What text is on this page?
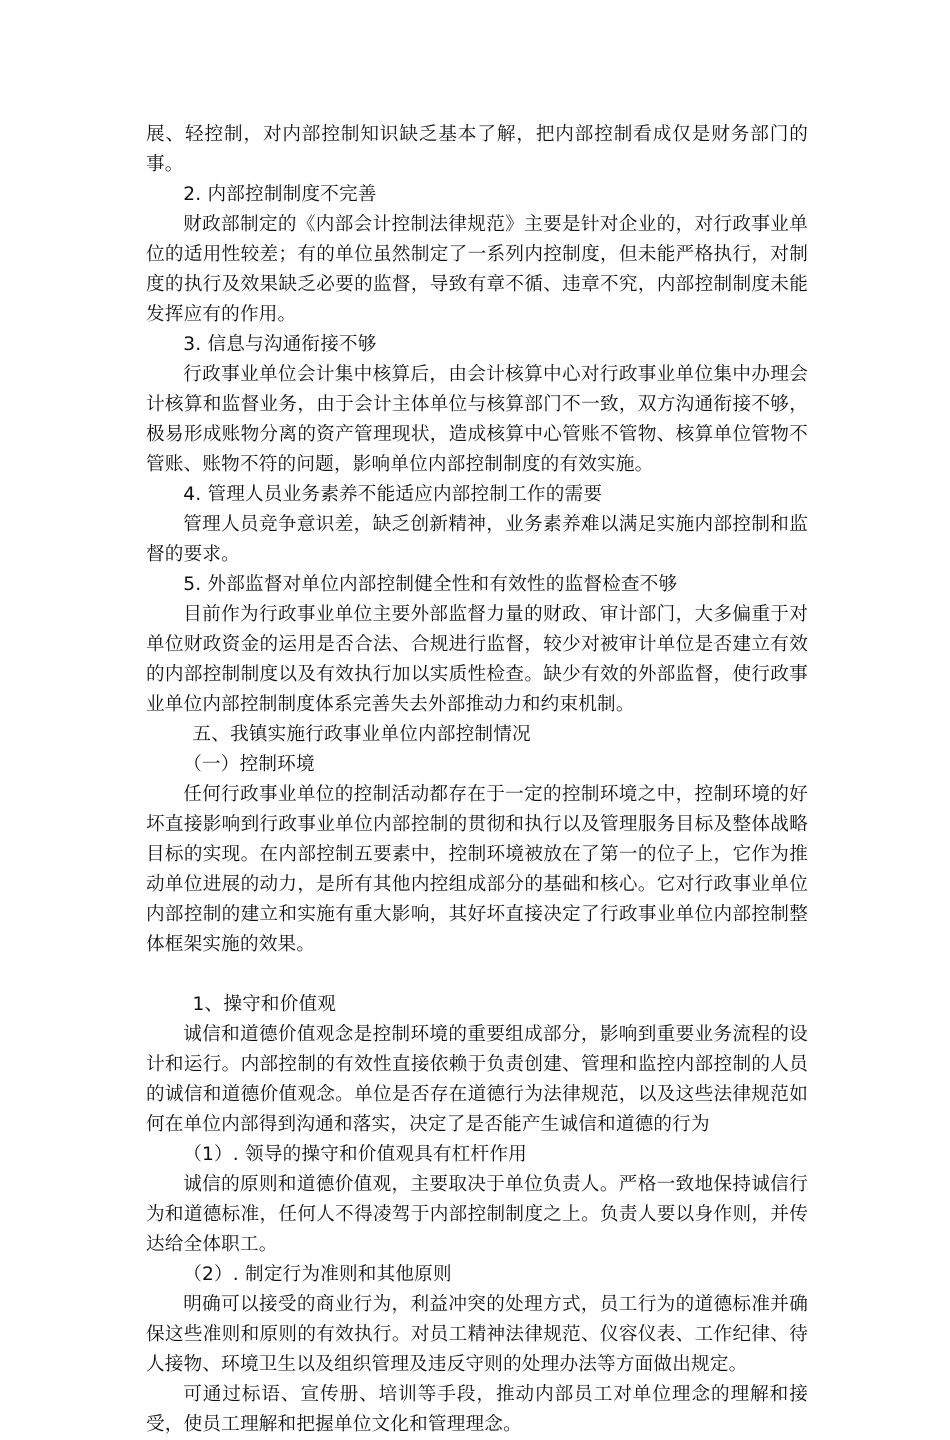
展、轻控制，对内部控制知识缺乏基本了解，把内部控制看成仅是财务部门的事。

2. 内部控制制度不完善

财政部制定的《内部会计控制法律规范》主要是针对企业的，对行政事业单位的适用性较差；有的单位虽然制定了一系列内控制度，但未能严格执行，对制度的执行及效果缺乏必要的监督，导致有章不循、违章不究，内部控制制度未能发挥应有的作用。

3. 信息与沟通衔接不够

行政事业单位会计集中核算后，由会计核算中心对行政事业单位集中办理会计核算和监督业务，由于会计主体单位与核算部门不一致，双方沟通衔接不够，极易形成账物分离的资产管理现状，造成核算中心管账不管物、核算单位管物不管账、账物不符的问题，影响单位内部控制制度的有效实施。

4. 管理人员业务素养不能适应内部控制工作的需要

管理人员竞争意识差，缺乏创新精神，业务素养难以满足实施内部控制和监督的要求。

5. 外部监督对单位内部控制健全性和有效性的监督检查不够

目前作为行政事业单位主要外部监督力量的财政、审计部门，大多偏重于对单位财政资金的运用是否合法、合规进行监督，较少对被审计单位是否建立有效的内部控制制度以及有效执行加以实质性检查。缺少有效的外部监督，使行政事业单位内部控制制度体系完善失去外部推动力和约束机制。

五、我镇实施行政事业单位内部控制情况

（一）控制环境

任何行政事业单位的控制活动都存在于一定的控制环境之中，控制环境的好坏直接影响到行政事业单位内部控制的贯彻和执行以及管理服务目标及整体战略目标的实现。在内部控制五要素中，控制环境被放在了第一的位子上，它作为推动单位进展的动力，是所有其他内控组成部分的基础和核心。它对行政事业单位内部控制的建立和实施有重大影响，其好坏直接决定了行政事业单位内部控制整体框架实施的效果。

1、操守和价值观

诚信和道德价值观念是控制环境的重要组成部分，影响到重要业务流程的设计和运行。内部控制的有效性直接依赖于负责创建、管理和监控内部控制的人员的诚信和道德价值观念。单位是否存在道德行为法律规范，以及这些法律规范如何在单位内部得到沟通和落实，决定了是否能产生诚信和道德的行为

（1）. 领导的操守和价值观具有杠杆作用

诚信的原则和道德价值观，主要取决于单位负责人。严格一致地保持诚信行为和道德标准，任何人不得凌驾于内部控制制度之上。负责人要以身作则，并传达给全体职工。

（2）. 制定行为准则和其他原则

明确可以接受的商业行为，利益冲突的处理方式，员工行为的道德标准并确保这些准则和原则的有效执行。对员工精神法律规范、仪容仪表、工作纪律、待人接物、环境卫生以及组织管理及违反守则的处理办法等方面做出规定。

可通过标语、宣传册、培训等手段，推动内部员工对单位理念的理解和接受，使员工理解和把握单位文化和管理理念。
